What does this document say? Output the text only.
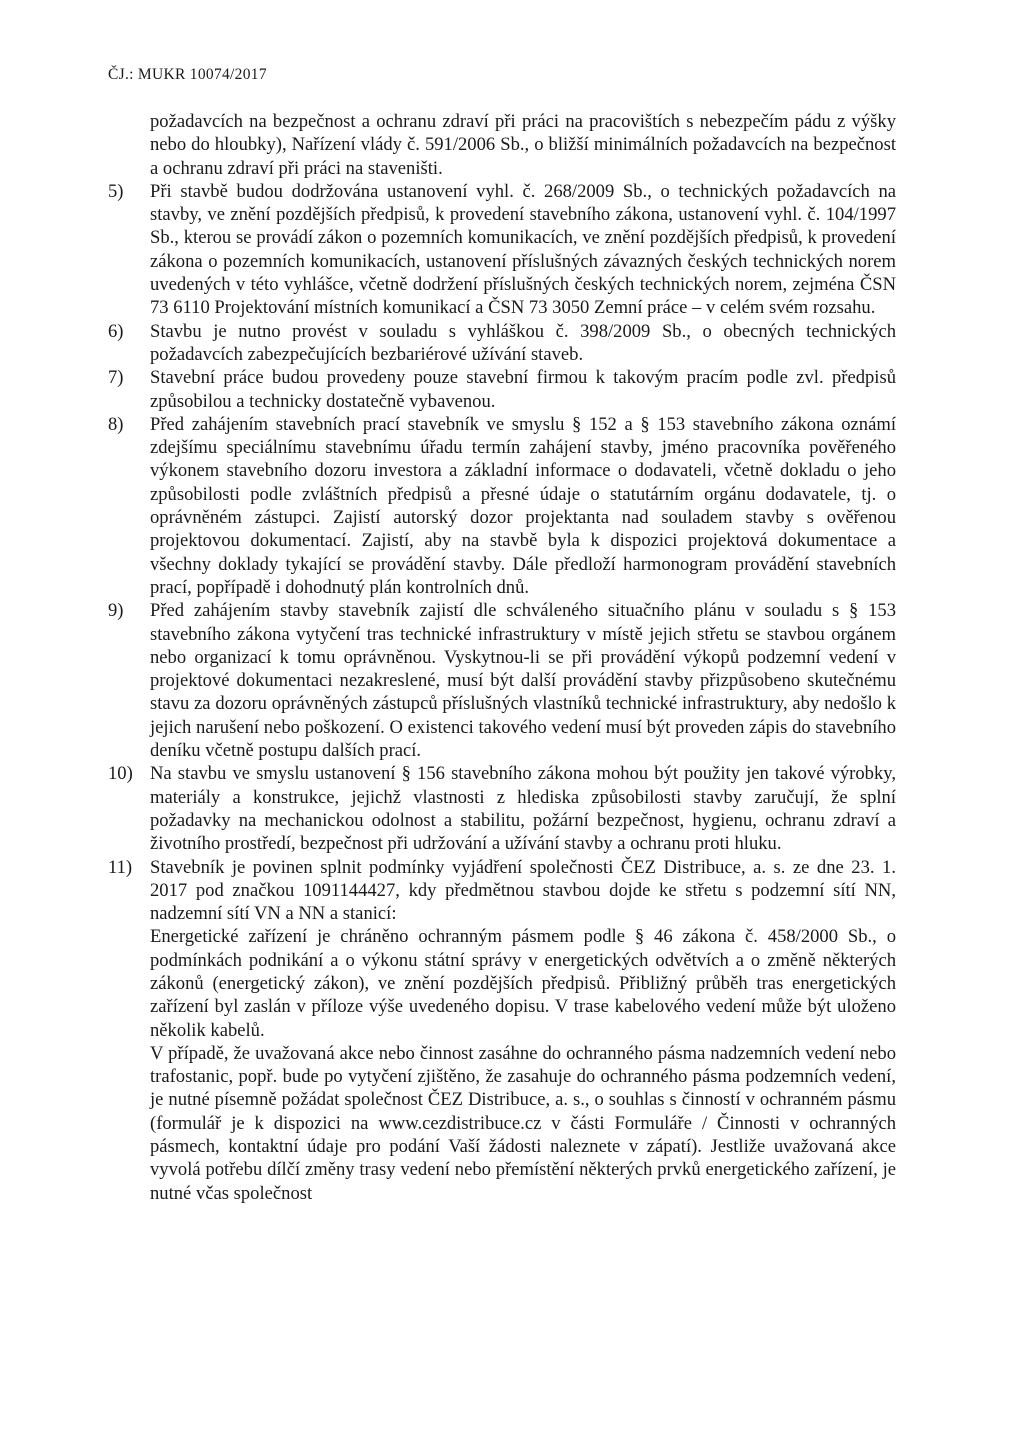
ČJ.: MUKR 10074/2017

požadavcích na bezpečnost a ochranu zdraví při práci na pracovištích s nebezpečím pádu z výšky nebo do hloubky), Nařízení vlády č. 591/2006 Sb., o bližší minimálních požadavcích na bezpečnost a ochranu zdraví při práci na staveništi.

5)	Při stavbě budou dodržována ustanovení vyhl. č. 268/2009 Sb., o technických požadavcích na stavby, ve znění pozdějších předpisů, k provedení stavebního zákona, ustanovení vyhl. č. 104/1997 Sb., kterou se provádí zákon o pozemních komunikacích, ve znění pozdějších předpisů, k provedení zákona o pozemních komunikacích, ustanovení příslušných závazných českých technických norem uvedených v této vyhlášce, včetně dodržení příslušných českých technických norem, zejména ČSN 73 6110 Projektování místních komunikací a ČSN 73 3050 Zemní práce – v celém svém rozsahu.

6)	Stavbu je nutno provést v souladu s vyhláškou č. 398/2009 Sb., o obecných technických požadavcích zabezpečujících bezbariérové užívání staveb.

7)	Stavební práce budou provedeny pouze stavební firmou k takovým pracím podle zvl. předpisů způsobilou a technicky dostatečně vybavenou.

8)	Před zahájením stavebních prací stavebník ve smyslu § 152 a § 153 stavebního zákona oznámí zdejšímu speciálnímu stavebnímu úřadu termín zahájení stavby, jméno pracovníka pověřeného výkonem stavebního dozoru investora a základní informace o dodavateli, včetně dokladu o jeho způsobilosti podle zvláštních předpisů a přesné údaje o statutárním orgánu dodavatele, tj. o oprávněném zástupci. Zajistí autorský dozor projektanta nad souladem stavby s ověřenou projektovou dokumentací. Zajistí, aby na stavbě byla k dispozici projektová dokumentace a všechny doklady tykající se provádění stavby. Dále předloží harmonogram provádění stavebních prací, popřípadě i dohodnutý plán kontrolních dnů.

9)	Před zahájením stavby stavebník zajistí dle schváleného situačního plánu v souladu s § 153 stavebního zákona vytyčení tras technické infrastruktury v místě jejich střetu se stavbou orgánem nebo organizací k tomu oprávněnou. Vyskytnou-li se při provádění výkopů podzemní vedení v projektové dokumentaci nezakreslené, musí být další provádění stavby přizpůsobeno skutečnému stavu za dozoru oprávněných zástupců příslušných vlastníků technické infrastruktury, aby nedošlo k jejich narušení nebo poškození. O existenci takového vedení musí být proveden zápis do stavebního deníku včetně postupu dalších prací.

10) Na stavbu ve smyslu ustanovení § 156 stavebního zákona mohou být použity jen takové výrobky, materiály a konstrukce, jejichž vlastnosti z hlediska způsobilosti stavby zaručují, že splní požadavky na mechanickou odolnost a stabilitu, požární bezpečnost, hygienu, ochranu zdraví a životního prostředí, bezpečnost při udržování a užívání stavby a ochranu proti hluku.

11) Stavebník je povinen splnit podmínky vyjádření společnosti ČEZ Distribuce, a. s. ze dne 23. 1. 2017 pod značkou 1091144427, kdy předmětnou stavbou dojde ke střetu s podzemní sítí NN, nadzemní sítí VN a NN a stanicí:

Energetické zařízení je chráněno ochranným pásmem podle § 46 zákona č. 458/2000 Sb., o podmínkách podnikání a o výkonu státní správy v energetických odvětvích a o změně některých zákonů (energetický zákon), ve znění pozdějších předpisů. Přibližný průběh tras energetických zařízení byl zaslán v příloze výše uvedeného dopisu. V trase kabelového vedení může být uloženo několik kabelů.

V případě, že uvažovaná akce nebo činnost zasáhne do ochranného pásma nadzemních vedení nebo trafostanic, popř. bude po vytyčení zjištěno, že zasahuje do ochranného pásma podzemních vedení, je nutné písemně požádat společnost ČEZ Distribuce, a. s., o souhlas s činností v ochranném pásmu (formulář je k dispozici na www.cezdistribuce.cz v části Formuláře / Činnosti v ochranných pásmech, kontaktní údaje pro podání Vaší žádosti naleznete v zápatí). Jestliže uvažovaná akce vyvolá potřebu dílčí změny trasy vedení nebo přemístění některých prvků energetického zařízení, je nutné včas společnost
